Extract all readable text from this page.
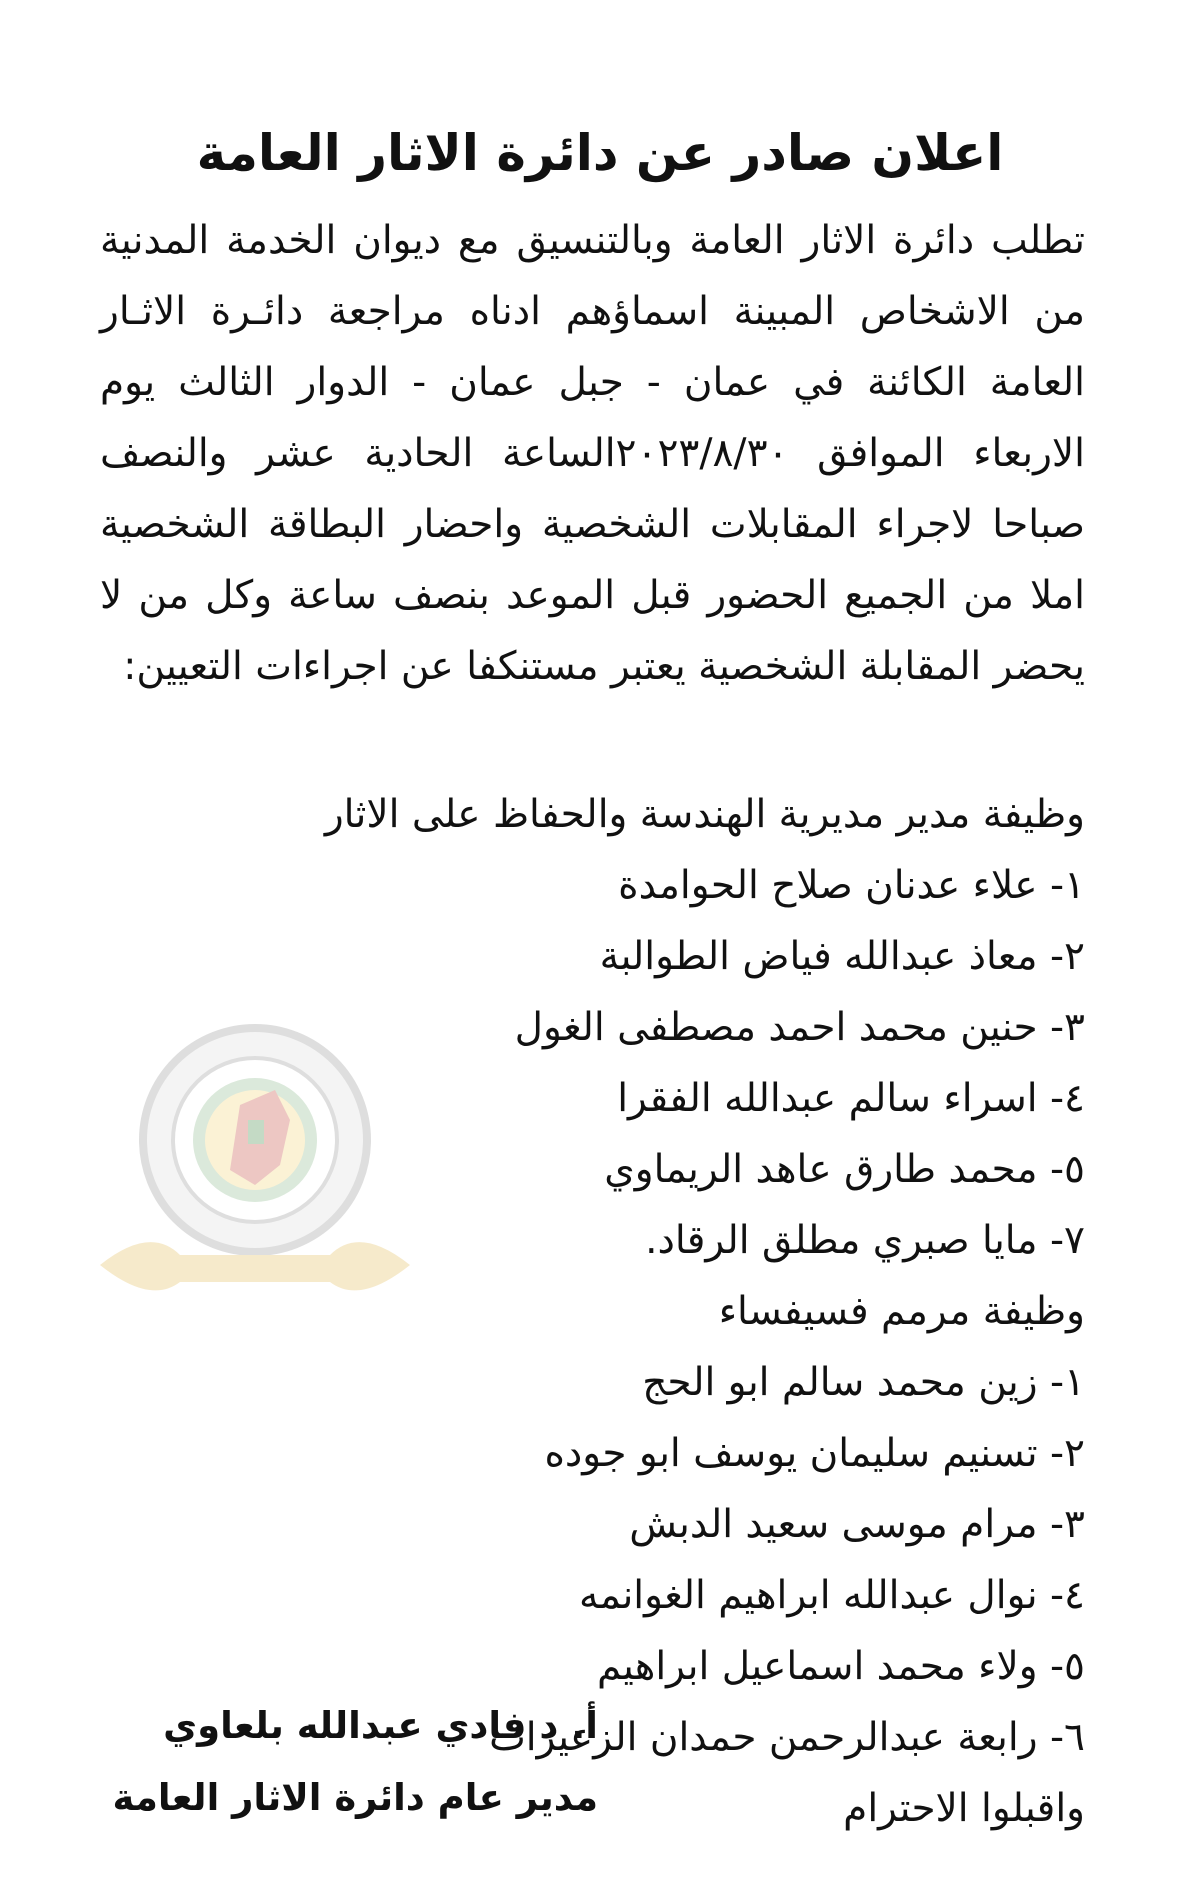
اعلان صادر عن دائرة الاثار العامة
تطلب دائرة الاثار العامة وبالتنسيق مع ديوان الخدمة المدنية من الاشخاص المبينة اسماؤهم ادناه مراجعة دائـرة الاثـار العامة الكائنة في عمان - جبل عمان - الدوار الثالث يوم الاربعاء الموافق ٢٠٢٣/٨/٣٠الساعة الحادية عشر والنصف صباحا لاجراء المقابلات الشخصية واحضار البطاقة الشخصية املا من الجميع الحضور قبل الموعد بنصف ساعة وكل من لا يحضر المقابلة الشخصية يعتبر مستنكفا عن اجراءات التعيين:
وظيفة مدير مديرية الهندسة والحفاظ على الاثار
١- علاء عدنان صلاح الحوامدة
٢- معاذ عبدالله فياض الطوالبة
٣- حنين محمد احمد مصطفى الغول
٤- اسراء سالم عبدالله الفقرا
٥- محمد طارق عاهد الريماوي
٧- مايا صبري مطلق الرقاد.
وظيفة مرمم فسيفساء
١- زين محمد سالم ابو الحج
٢- تسنيم سليمان يوسف ابو جوده
٣- مرام موسى سعيد الدبش
٤- نوال عبدالله ابراهيم الغوانمه
٥- ولاء محمد اسماعيل ابراهيم
٦- رابعة عبدالرحمن حمدان الزعيرات
واقبلوا الاحترام
أ. د فادي عبدالله بلعاوي
مدير عام دائرة الاثار العامة
